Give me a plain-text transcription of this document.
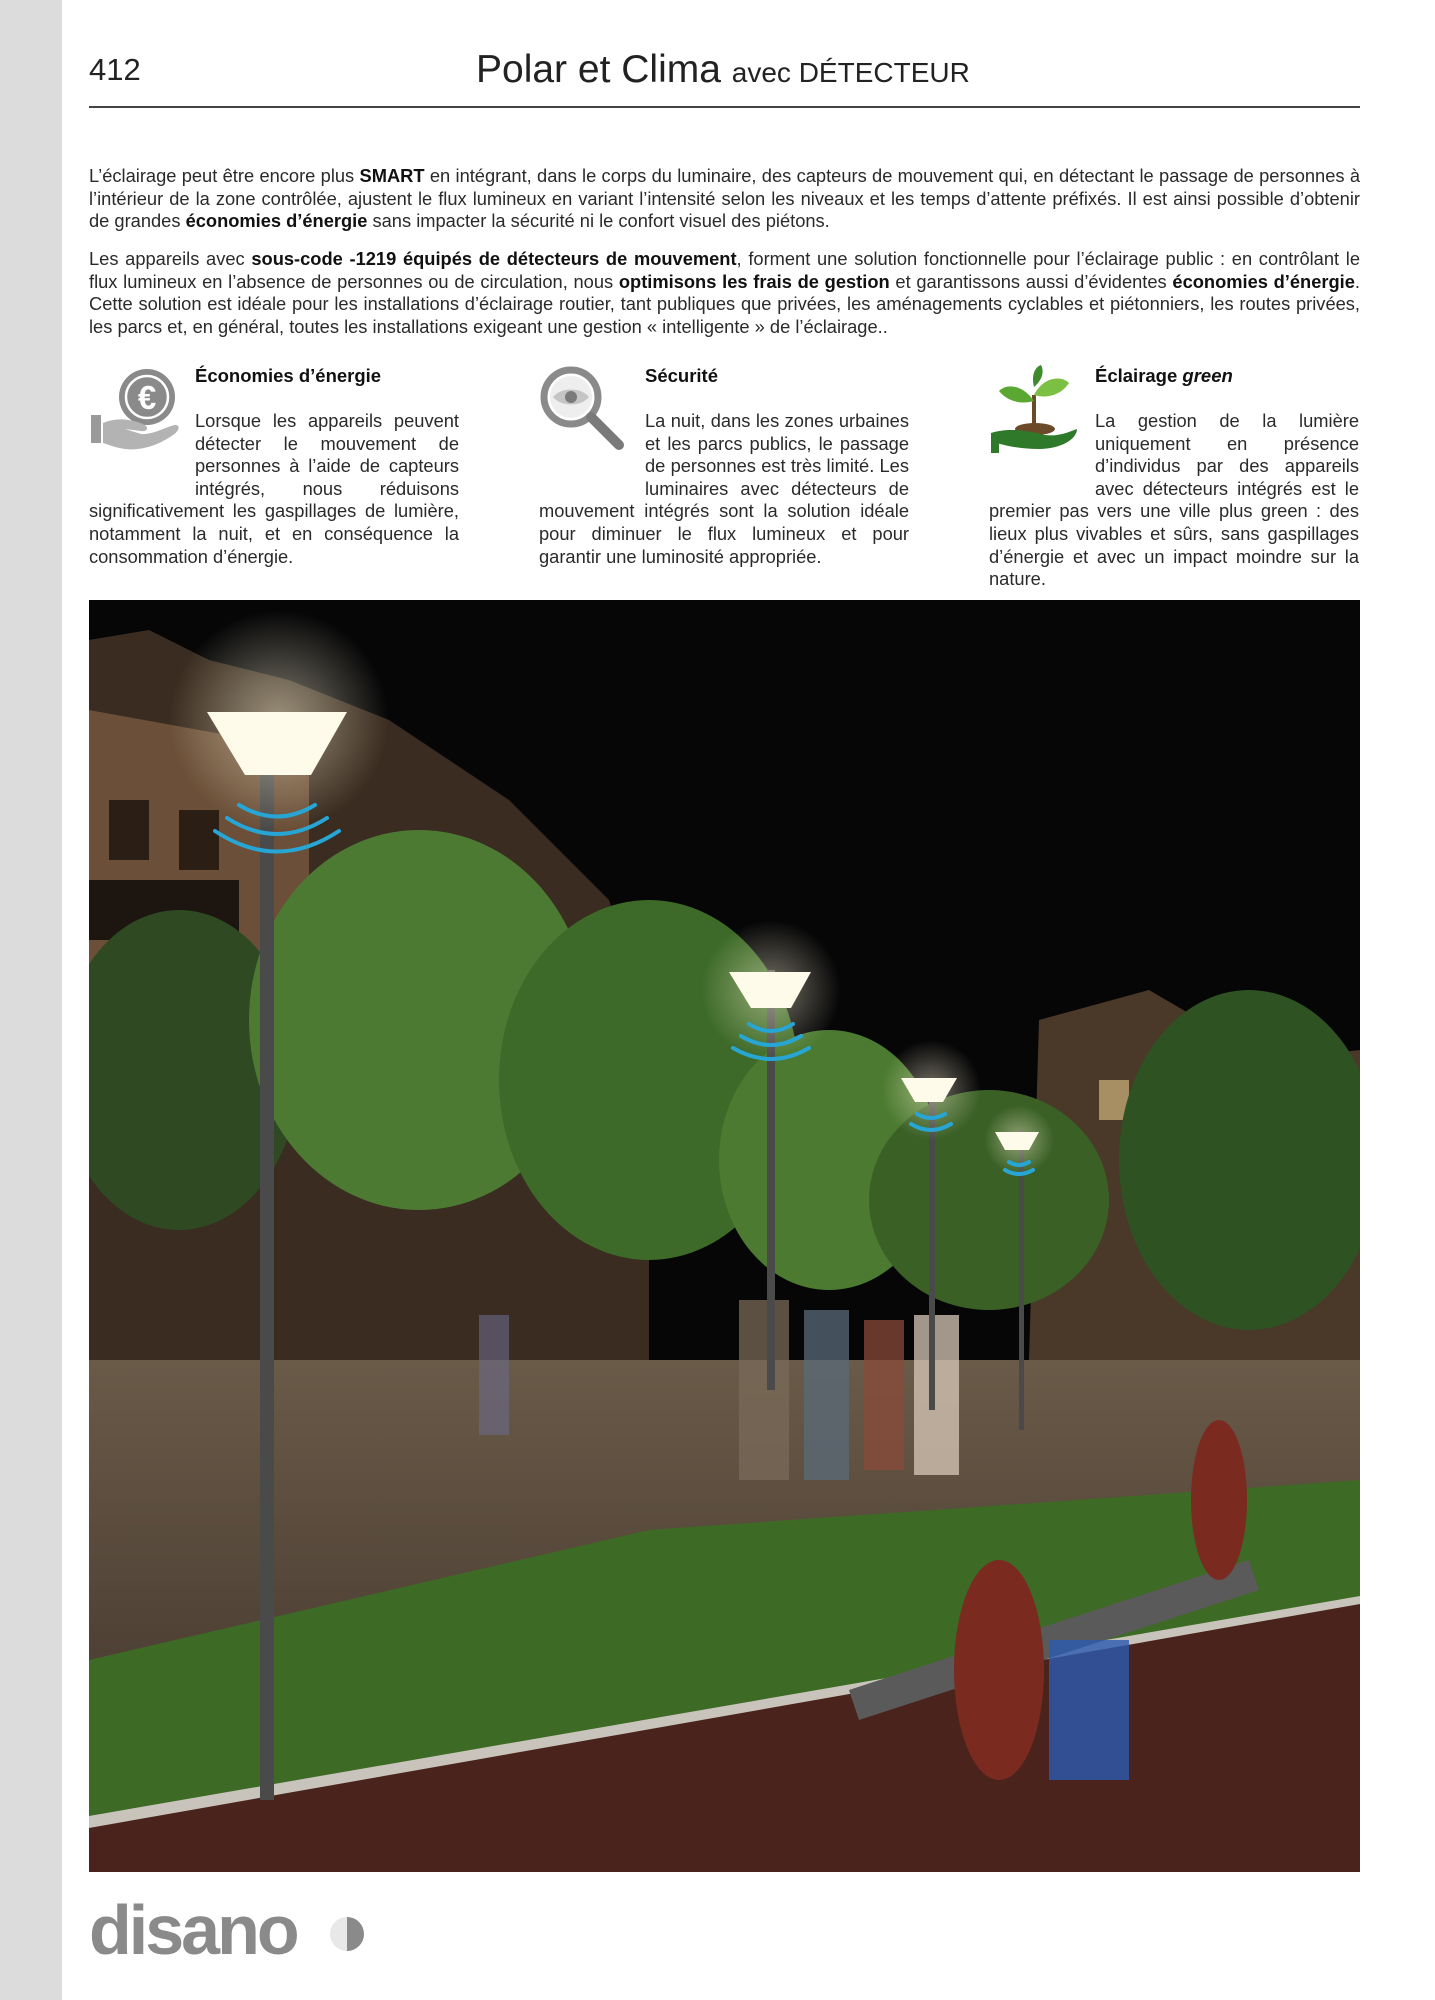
412	Polar et Clima avec DÉTECTEUR

L’éclairage peut être encore plus SMART en intégrant, dans le corps du luminaire, des capteurs de mouvement qui, en détectant le passage de personnes à l’intérieur de la zone contrôlée, ajustent le flux lumineux en variant l’intensité selon les niveaux et les temps d’attente préfixés. Il est ainsi possible d’obtenir de grandes économies d’énergie sans impacter la sécurité ni le confort visuel des piétons.

Les appareils avec sous-code -1219 équipés de détecteurs de mouvement, forment une solution fonctionnelle pour l’éclairage public : en contrôlant le flux lumineux en l’absence de personnes ou de circulation, nous optimisons les frais de gestion et garantissons aussi d’évidentes économies d’énergie. Cette solution est idéale pour les installations d’éclairage routier, tant publiques que privées, les aménagements cyclables et piétonniers, les routes privées, les parcs et, en général, toutes les installations exigeant une gestion « intelligente » de l’éclairage..

€
Économies d’énergie

Lorsque les appareils peuvent détecter le mouvement de personnes à l’aide de capteurs intégrés, nous réduisons significativement les gaspillages de lumière, notamment la nuit, et en conséquence la consommation d’énergie.

Sécurité

La nuit, dans les zones urbaines et les parcs publics, le passage de personnes est très limité. Les luminaires avec détecteurs de mouvement intégrés sont la solution idéale pour diminuer le flux lumineux et pour garantir une luminosité appropriée.

Éclairage green

La gestion de la lumière uniquement en présence d’individus par des appareils avec détecteurs intégrés est le premier pas vers une ville plus green : des lieux plus vivables et sûrs, sans gaspillages d’énergie et avec un impact moindre sur la nature.

disano
